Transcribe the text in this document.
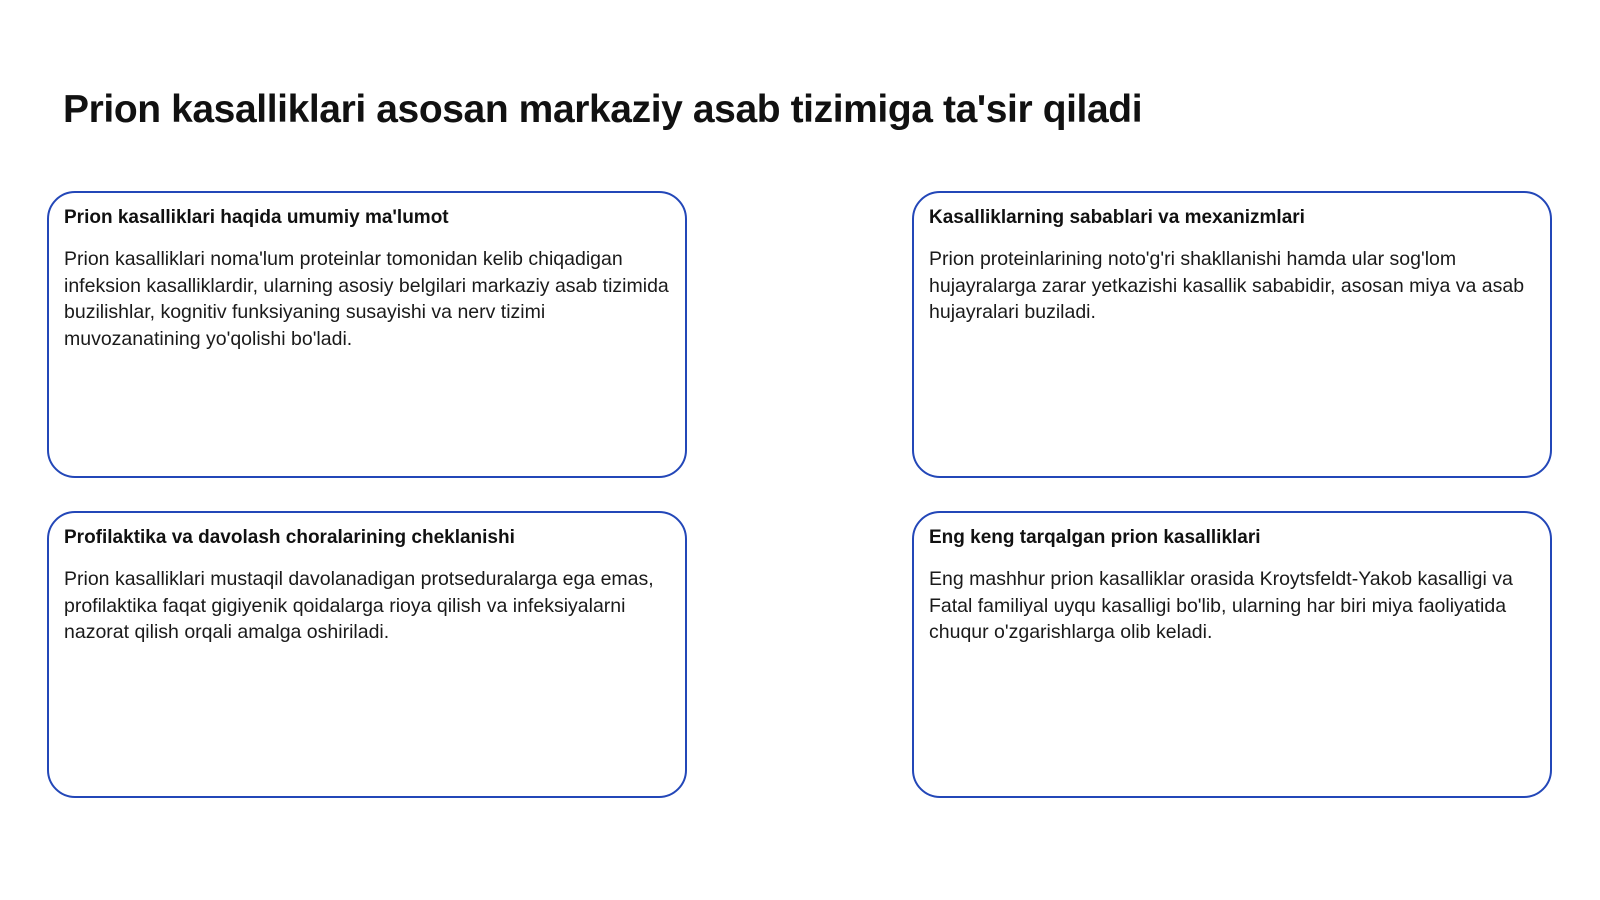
Prion kasalliklari asosan markaziy asab tizimiga ta'sir qiladi
Prion kasalliklari haqida umumiy ma'lumot

Prion kasalliklari noma'lum proteinlar tomonidan kelib chiqadigan infeksion kasalliklardir, ularning asosiy belgilari markaziy asab tizimida buzilishlar, kognitiv funksiyaning susayishi va nerv tizimi muvozanatining yo'qolishi bo'ladi.

Kasalliklarning sabablari va mexanizmlari

Prion proteinlarining noto'g'ri shakllanishi hamda ular sog'lom hujayralarga zarar yetkazishi kasallik sababidir, asosan miya va asab hujayralari buziladi.

Profilaktika va davolash choralarining cheklanishi

Prion kasalliklari mustaqil davolanadigan protseduralarga ega emas, profilaktika faqat gigiyenik qoidalarga rioya qilish va infeksiyalarni nazorat qilish orqali amalga oshiriladi.

Eng keng tarqalgan prion kasalliklari

Eng mashhur prion kasalliklar orasida Kroytsfeldt-Yakob kasalligi va Fatal familiyal uyqu kasalligi bo'lib, ularning har biri miya faoliyatida chuqur o'zgarishlarga olib keladi.
